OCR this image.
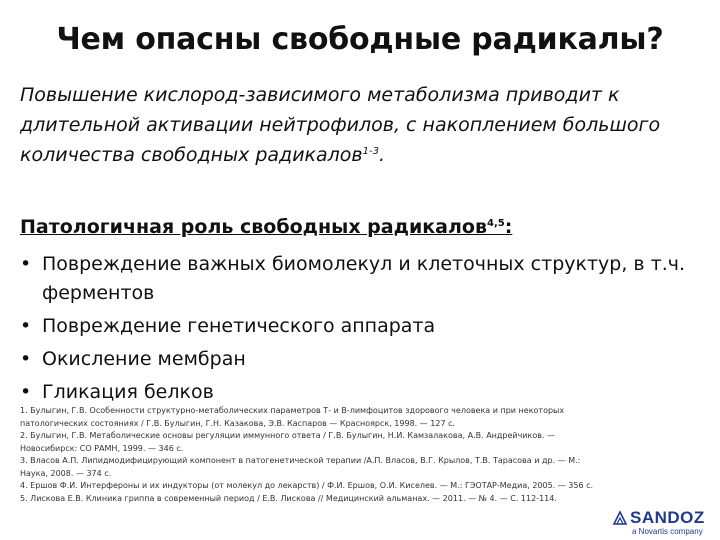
Чем опасны свободные радикалы?

Повышение кислород-зависимого метаболизма приводит к длительной активации нейтрофилов, с накоплением большого количества свободных радикалов$^{1-3}$.

Патологичная роль свободных радикалов$^{4,5}$:

• Повреждение важных биомолекул и клеточных структур, в т.ч. ферментов
• Повреждение генетического аппарата
• Окисление мембран
• Гликация белков
1. Булыгин, Г.В. Особенности структурно-метаболических параметров Т- и В-лимфоцитов здорового человека и при некоторых патологических состояниях / Г.В. Булыгин, Г.Н. Казакова, Э.В. Каспаров — Красноярск, 1998. — 127 с.
2. Булыгин, Г.В. Метаболические основы регуляции иммунного ответа / Г.В. Булыгин, Н.И. Камзалакова, А.В. Андрейчиков. — Новосибирск: СО РАМН, 1999. — 346 с.
3. Власов А.П. Липидмодифицирующий компонент в патогенетической терапии /А.П. Власов, В.Г. Крылов, Т.В. Тарасова и др. — М.: Наука, 2008. — 374 с.
4. Ершов Ф.И. Интерфероны и их индукторы (от молекул до лекарств) / Ф.И. Ершов, О.И. Киселев. — М.: ГЭОТАР-Медиа, 2005. — 356 с.
5. Лискова Е.В. Клиника гриппа в современный период / Е.В. Лискова // Медицинский альманах. — 2011. — № 4. — С. 112-114.
SANDOZ
a Novartis company
